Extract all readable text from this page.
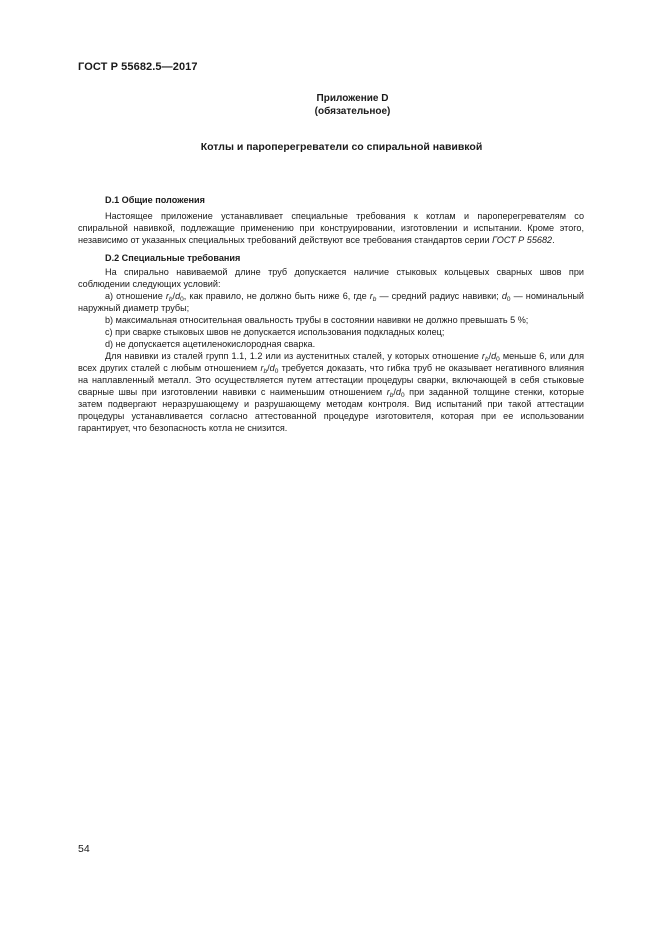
ГОСТ Р 55682.5—2017
Приложение D
(обязательное)
Котлы и пароперегреватели со спиральной навивкой

D.1 Общие положения

Настоящее приложение устанавливает специальные требования к котлам и пароперегревателям со спиральной навивкой, подлежащие применению при конструировании, изготовлении и испытании. Кроме этого, независимо от указанных специальных требований действуют все требования стандартов серии ГОСТ Р 55682.

D.2 Специальные требования

На спирально навиваемой длине труб допускается наличие стыковых кольцевых сварных швов при соблюдении следующих условий:

а) отношение $r_b/d_0$, как правило, не должно быть ниже 6, где $r_b$ — средний радиус навивки; $d_0$ — номинальный наружный диаметр трубы;

b) максимальная относительная овальность трубы в состоянии навивки не должно превышать 5 %;

с) при сварке стыковых швов не допускается использования подкладных колец;

d) не допускается ацетиленокислородная сварка.

Для навивки из сталей групп 1.1, 1.2 или из аустенитных сталей, у которых отношение $r_b/d_0$ меньше 6, или для всех других сталей с любым отношением $r_b/d_0$ требуется доказать, что гибка труб не оказывает негативного влияния на наплавленный металл. Это осуществляется путем аттестации процедуры сварки, включающей в себя стыковые сварные швы при изготовлении навивки с наименьшим отношением $r_b/d_0$ при заданной толщине стенки, которые затем подвергают неразрушающему и разрушающему методам контроля. Вид испытаний при такой аттестации процедуры устанавливается согласно аттестованной процедуре изготовителя, которая при ее использовании гарантирует, что безопасность котла не снизится.

54
